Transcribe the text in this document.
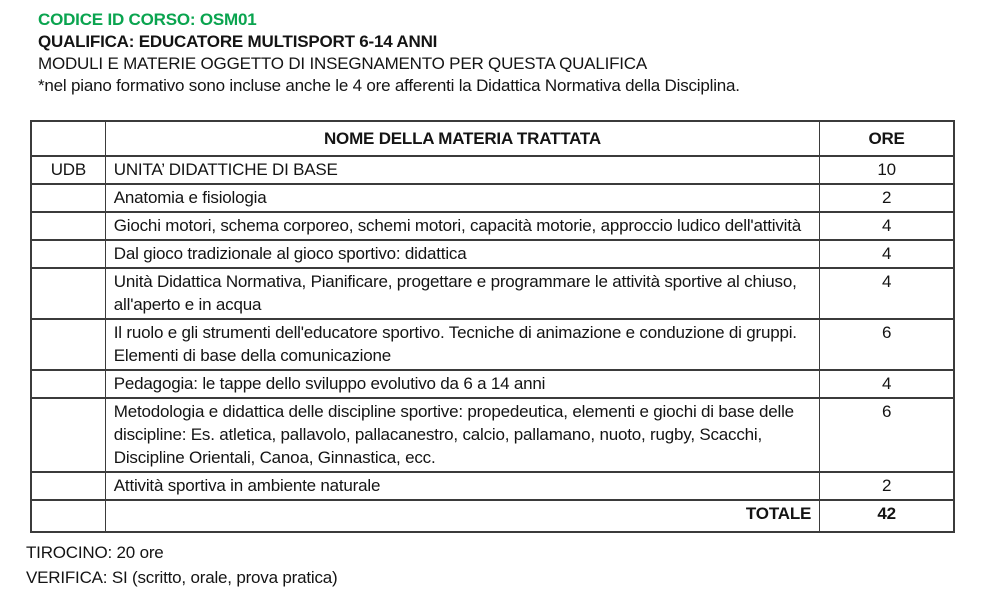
CODICE ID CORSO: OSM01
QUALIFICA: EDUCATORE MULTISPORT 6-14 ANNI
MODULI E MATERIE OGGETTO DI INSEGNAMENTO PER QUESTA QUALIFICA
*nel piano formativo sono incluse anche le 4 ore afferenti la Didattica Normativa della Disciplina.
	NOME DELLA MATERIA TRATTATA	ORE
UDB	UNITA’ DIDATTICHE DI BASE	10
	Anatomia e fisiologia	2
	Giochi motori, schema corporeo, schemi motori, capacità motorie, approccio ludico dell'attività	4
	Dal gioco tradizionale al gioco sportivo: didattica	4
	Unità Didattica Normativa, Pianificare, progettare e programmare le attività sportive al chiuso, all'aperto e in acqua	4
	Il ruolo e gli strumenti dell'educatore sportivo. Tecniche di animazione e conduzione di gruppi. Elementi di base della comunicazione	6
	Pedagogia: le tappe dello sviluppo evolutivo da 6 a 14 anni	4
	Metodologia e didattica delle discipline sportive: propedeutica, elementi e giochi di base delle discipline: Es. atletica, pallavolo, pallacanestro, calcio, pallamano, nuoto, rugby, Scacchi, Discipline Orientali, Canoa, Ginnastica, ecc.	6
	Attività sportiva in ambiente naturale	2
	TOTALE	42
TIROCINO: 20 ore
VERIFICA: SI (scritto, orale, prova pratica)
